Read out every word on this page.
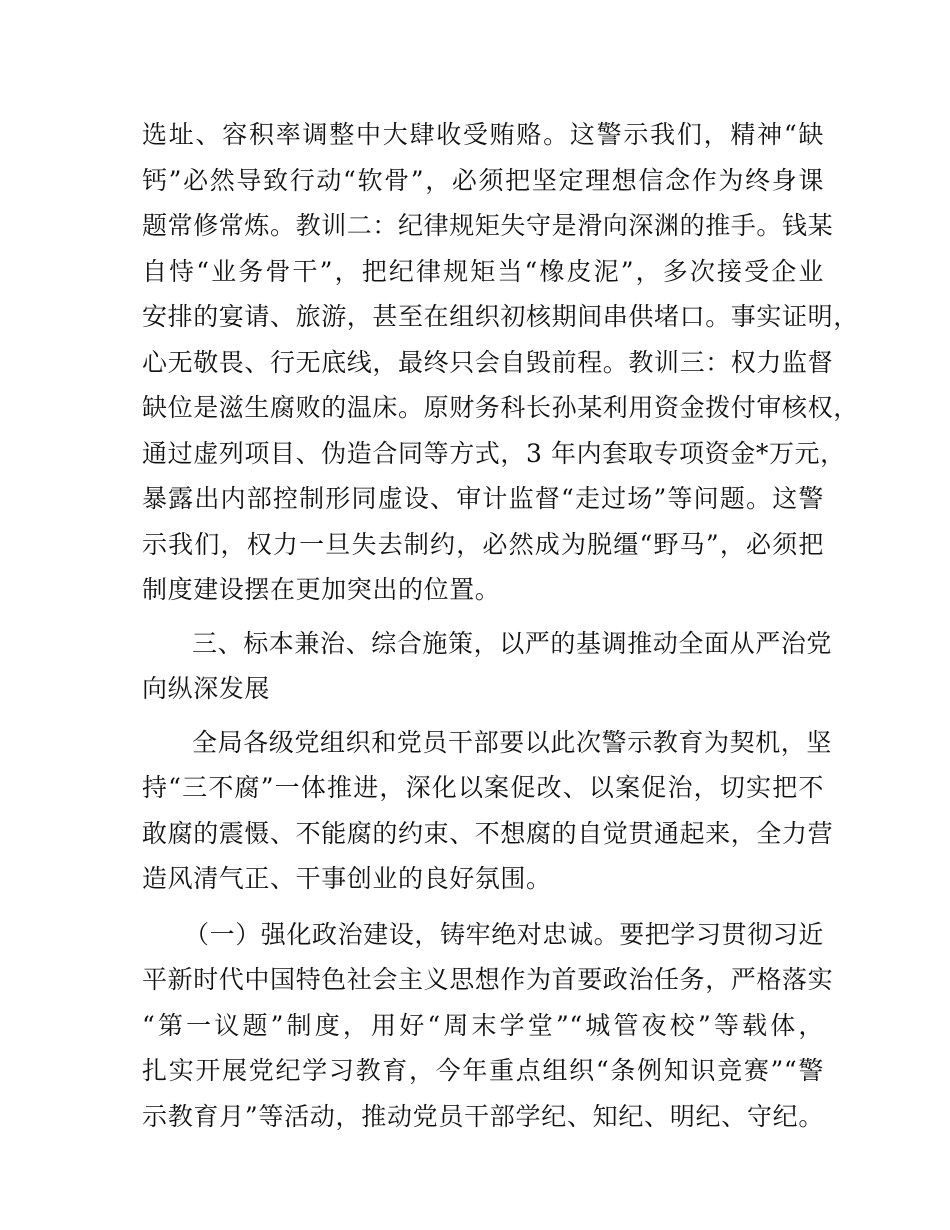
选址、容积率调整中大肆收受贿赂。这警示我们，精神“缺
钙”必然导致行动“软骨”，必须把坚定理想信念作为终身课
题常修常炼。教训二：纪律规矩失守是滑向深渊的推手。钱某
自恃“业务骨干”，把纪律规矩当“橡皮泥”，多次接受企业
安排的宴请、旅游，甚至在组织初核期间串供堵口。事实证明，
心无敬畏、行无底线，最终只会自毁前程。教训三：权力监督
缺位是滋生腐败的温床。原财务科长孙某利用资金拨付审核权，
通过虚列项目、伪造合同等方式，3 年内套取专项资金*万元，
暴露出内部控制形同虚设、审计监督“走过场”等问题。这警
示我们，权力一旦失去制约，必然成为脱缰“野马”，必须把
制度建设摆在更加突出的位置。
三、标本兼治、综合施策，以严的基调推动全面从严治党
向纵深发展
全局各级党组织和党员干部要以此次警示教育为契机，坚
持“三不腐”一体推进，深化以案促改、以案促治，切实把不
敢腐的震慑、不能腐的约束、不想腐的自觉贯通起来，全力营
造风清气正、干事创业的良好氛围。
（一）强化政治建设，铸牢绝对忠诚。要把学习贯彻习近
平新时代中国特色社会主义思想作为首要政治任务，严格落实
“第一议题”制度，用好“周末学堂”“城管夜校”等载体，
扎实开展党纪学习教育，今年重点组织“条例知识竞赛”“警
示教育月”等活动，推动党员干部学纪、知纪、明纪、守纪。
